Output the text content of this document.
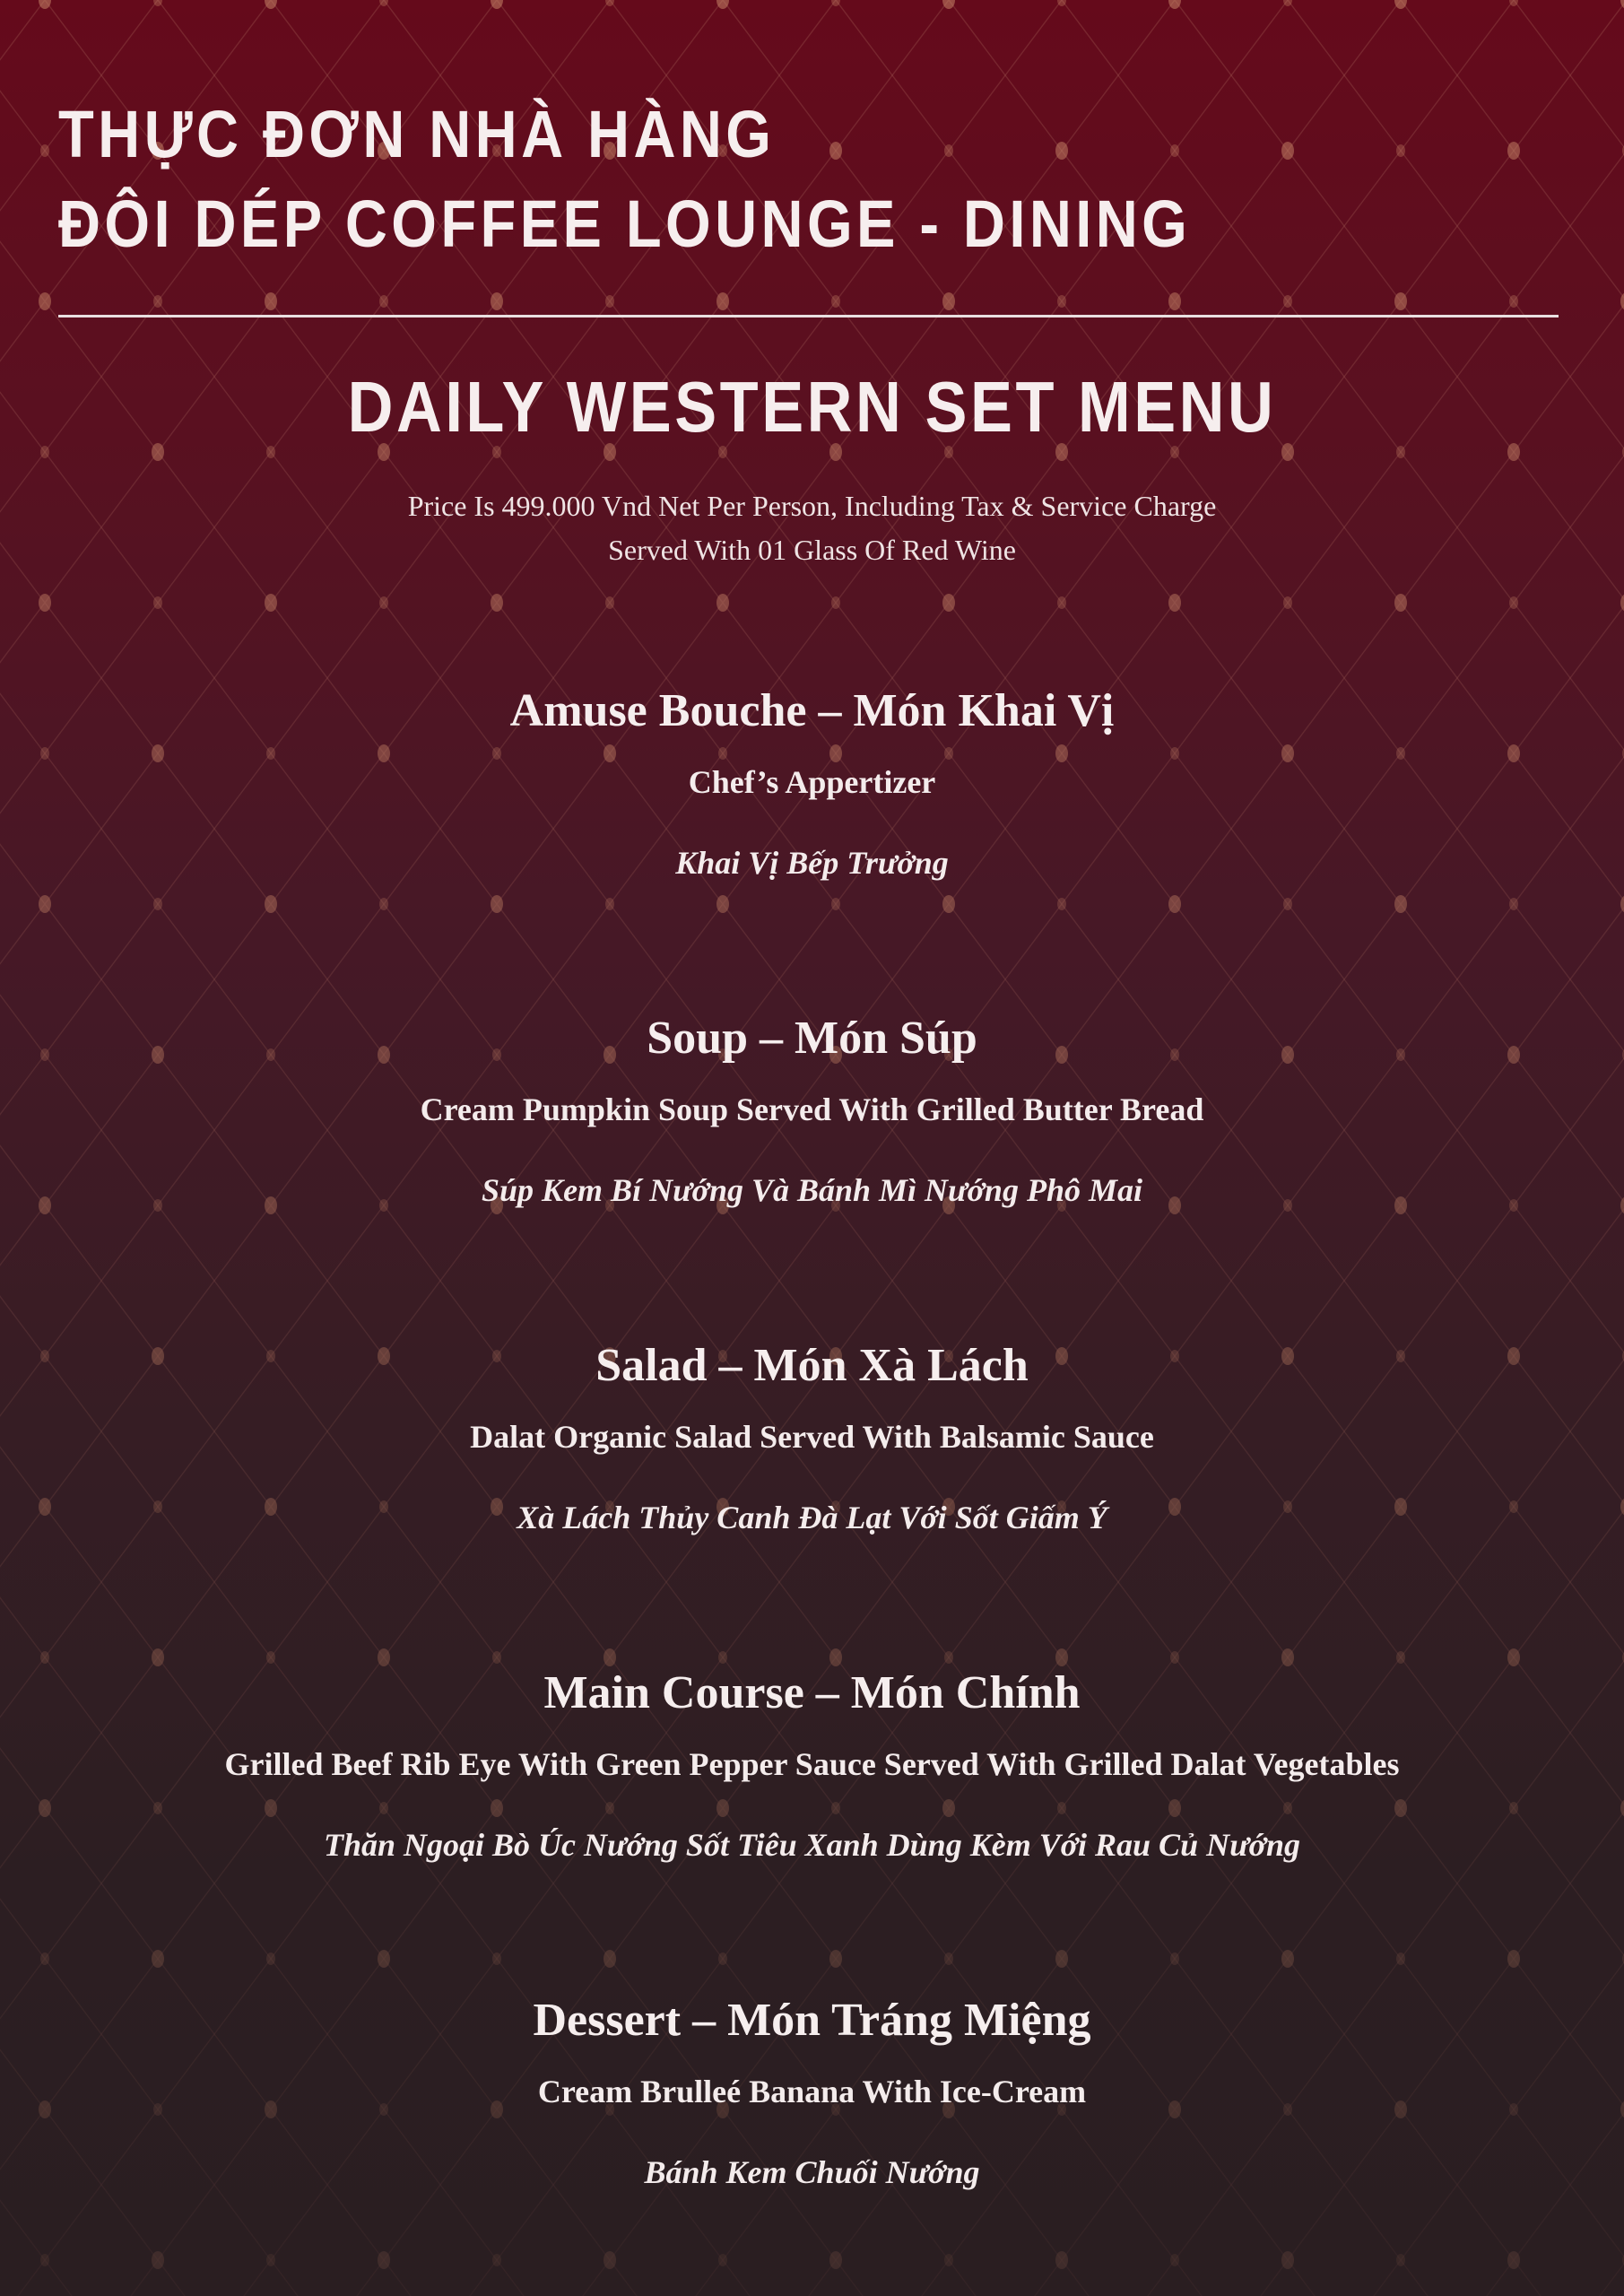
THỰC ĐƠN NHÀ HÀNG
ĐÔI DÉP COFFEE LOUNGE - DINING
DAILY WESTERN SET MENU
Price Is 499.000 Vnd Net Per Person, Including Tax & Service Charge
Served With 01 Glass Of Red Wine
Amuse Bouche – Món Khai Vị

Chef’s Appertizer

Khai Vị Bếp Trưởng

Soup – Món Súp

Cream Pumpkin Soup Served With Grilled Butter Bread

Súp Kem Bí Nướng Và Bánh Mì Nướng Phô Mai

Salad – Món Xà Lách

Dalat Organic Salad Served With Balsamic Sauce

Xà Lách Thủy Canh Đà Lạt Với Sốt Giấm Ý

Main Course – Món Chính

Grilled Beef Rib Eye With Green Pepper Sauce Served With Grilled Dalat Vegetables

Thăn Ngoại Bò Úc Nướng Sốt Tiêu Xanh Dùng Kèm Với Rau Củ Nướng

Dessert – Món Tráng Miệng

Cream Brulleé Banana With Ice-Cream

Bánh Kem Chuối Nướng
